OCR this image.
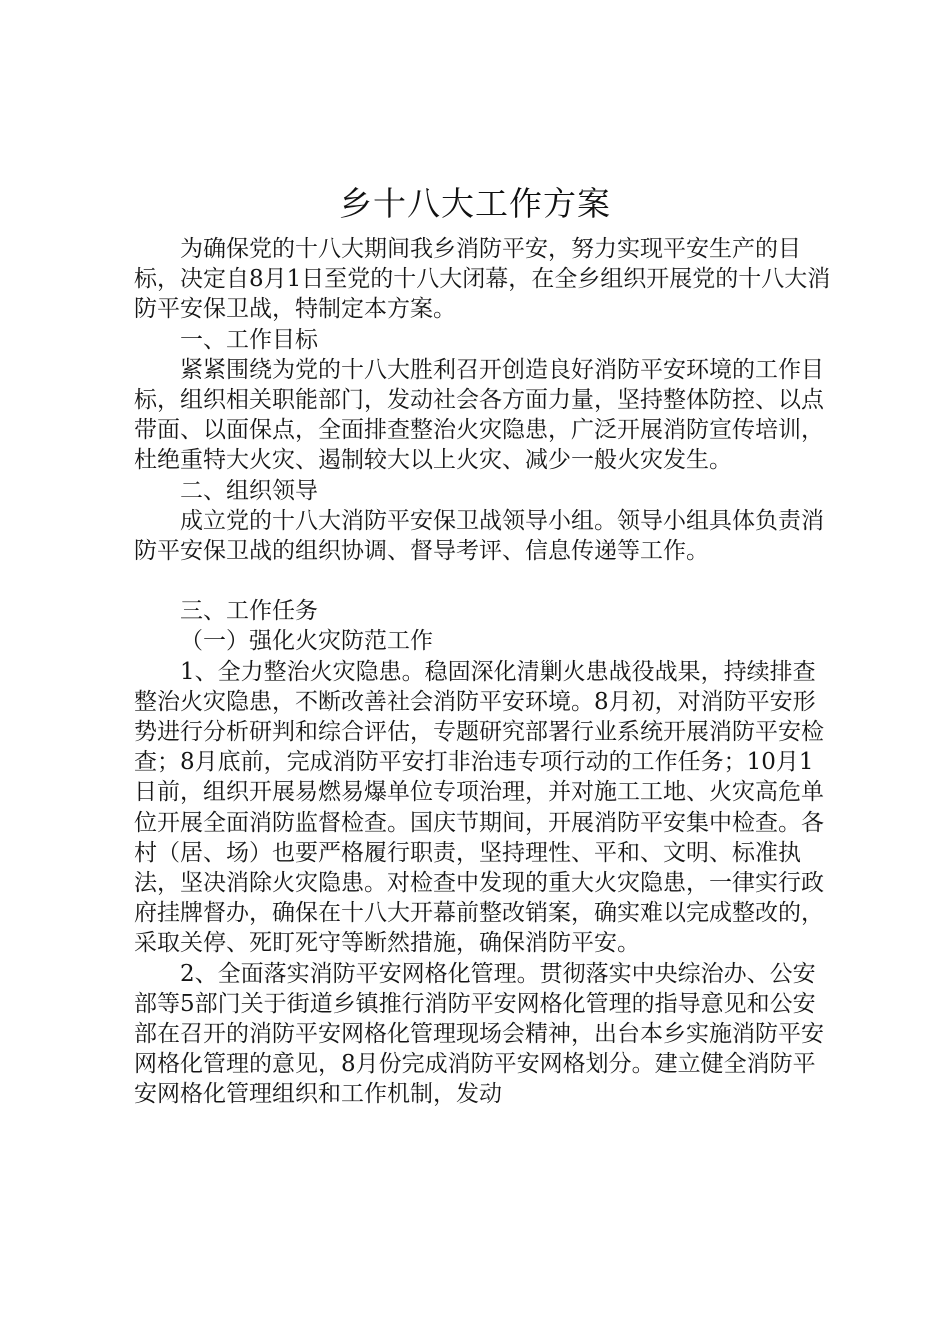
乡十八大工作方案

为确保党的十八大期间我乡消防平安，努力实现平安生产的目标，决定自8月1日至党的十八大闭幕，在全乡组织开展党的十八大消防平安保卫战，特制定本方案。

一、工作目标

紧紧围绕为党的十八大胜利召开创造良好消防平安环境的工作目标，组织相关职能部门，发动社会各方面力量，坚持整体防控、以点带面、以面保点，全面排查整治火灾隐患，广泛开展消防宣传培训，杜绝重特大火灾、遏制较大以上火灾、减少一般火灾发生。

二、组织领导

成立党的十八大消防平安保卫战领导小组。领导小组具体负责消防平安保卫战的组织协调、督导考评、信息传递等工作。

三、工作任务

（一）强化火灾防范工作

1、全力整治火灾隐患。稳固深化清剿火患战役战果，持续排查整治火灾隐患，不断改善社会消防平安环境。8月初，对消防平安形势进行分析研判和综合评估，专题研究部署行业系统开展消防平安检查；8月底前，完成消防平安打非治违专项行动的工作任务；10月1日前，组织开展易燃易爆单位专项治理，并对施工工地、火灾高危单位开展全面消防监督检查。国庆节期间，开展消防平安集中检查。各村（居、场）也要严格履行职责，坚持理性、平和、文明、标准执法，坚决消除火灾隐患。对检查中发现的重大火灾隐患，一律实行政府挂牌督办，确保在十八大开幕前整改销案，确实难以完成整改的，采取关停、死盯死守等断然措施，确保消防平安。

2、全面落实消防平安网格化管理。贯彻落实中央综治办、公安部等5部门关于街道乡镇推行消防平安网格化管理的指导意见和公安部在召开的消防平安网格化管理现场会精神，出台本乡实施消防平安网格化管理的意见，8月份完成消防平安网格划分。建立健全消防平安网格化管理组织和工作机制，发动
